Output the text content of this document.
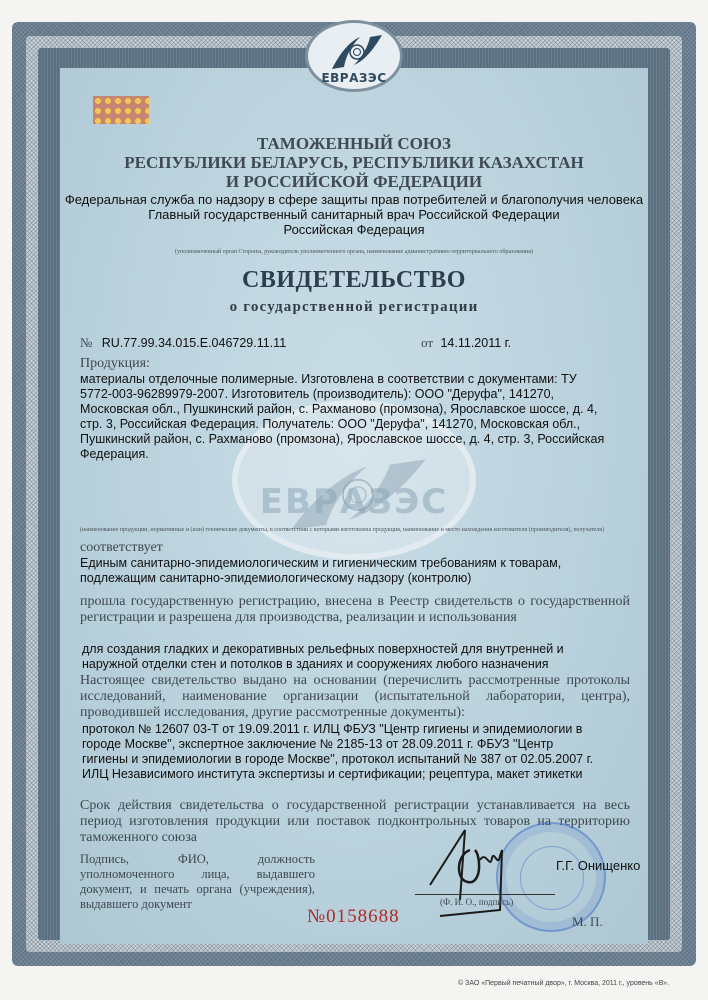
ЕВРАЗЭС
ЕВРАЗЭС
ТАМОЖЕННЫЙ СОЮЗ
РЕСПУБЛИКИ БЕЛАРУСЬ, РЕСПУБЛИКИ КАЗАХСТАН
И РОССИЙСКОЙ ФЕДЕРАЦИИ
Федеральная служба по надзору в сфере защиты прав потребителей и благополучия человека
Главный государственный санитарный врач Российской Федерации
Российская Федерация
(уполномоченный орган Стороны, руководитель уполномоченного органа, наименование административно-территориального образования)
СВИДЕТЕЛЬСТВО
о государственной регистрации
№ RU.77.99.34.015.E.046729.11.11	от 14.11.2011 г.
Продукция:
материалы отделочные полимерные. Изготовлена в соответствии с документами: ТУ 5772-003-96289979-2007. Изготовитель (производитель): ООО "Деруфа", 141270, Московская обл., Пушкинский район, с. Рахманово (промзона), Ярославское шоссе, д. 4, стр. 3, Российская Федерация. Получатель: ООО "Деруфа", 141270, Московская обл., Пушкинский район, с. Рахманово (промзона), Ярославское шоссе, д. 4, стр. 3, Российская Федерация.
(наименование продукции, нормативные и (или) технические документы, в соответствии с которыми изготовлена продукция, наименование и место нахождения изготовителя (производителя), получателя)
соответствует
Единым санитарно-эпидемиологическим и гигиеническим требованиям к товарам, подлежащим санитарно-эпидемиологическому надзору (контролю)
прошла государственную регистрацию, внесена в Реестр свидетельств о государственной регистрации и разрешена для производства, реализации и использования
для создания гладких и декоративных рельефных поверхностей для внутренней и наружной отделки стен и потолков в зданиях и сооружениях любого назначения
Настоящее свидетельство выдано на основании (перечислить рассмотренные протоколы исследований, наименование организации (испытательной лаборатории, центра), проводившей исследования, другие рассмотренные документы):
протокол № 12607 03-Т от 19.09.2011 г. ИЛЦ ФБУЗ "Центр гигиены и эпидемиологии в городе Москве", экспертное заключение № 2185-13 от 28.09.2011 г. ФБУЗ "Центр гигиены и эпидемиологии в городе Москве", протокол испытаний № 387 от 02.05.2007 г. ИЛЦ Независимого института экспертизы и сертификации; рецептура, макет этикетки
Срок действия свидетельства о государственной регистрации устанавливается на весь период изготовления продукции или поставок подконтрольных товаров на территорию таможенного союза
Подпись, ФИО, должность уполномоченного лица, выдавшего документ, и печать органа (учреждения), выдавшего документ
Г.Г. Онищенко
(Ф. И. О., подпись)
М. П.
№0158688
© ЗАО «Первый печатный двор», г. Москва, 2011 г., уровень «В».
